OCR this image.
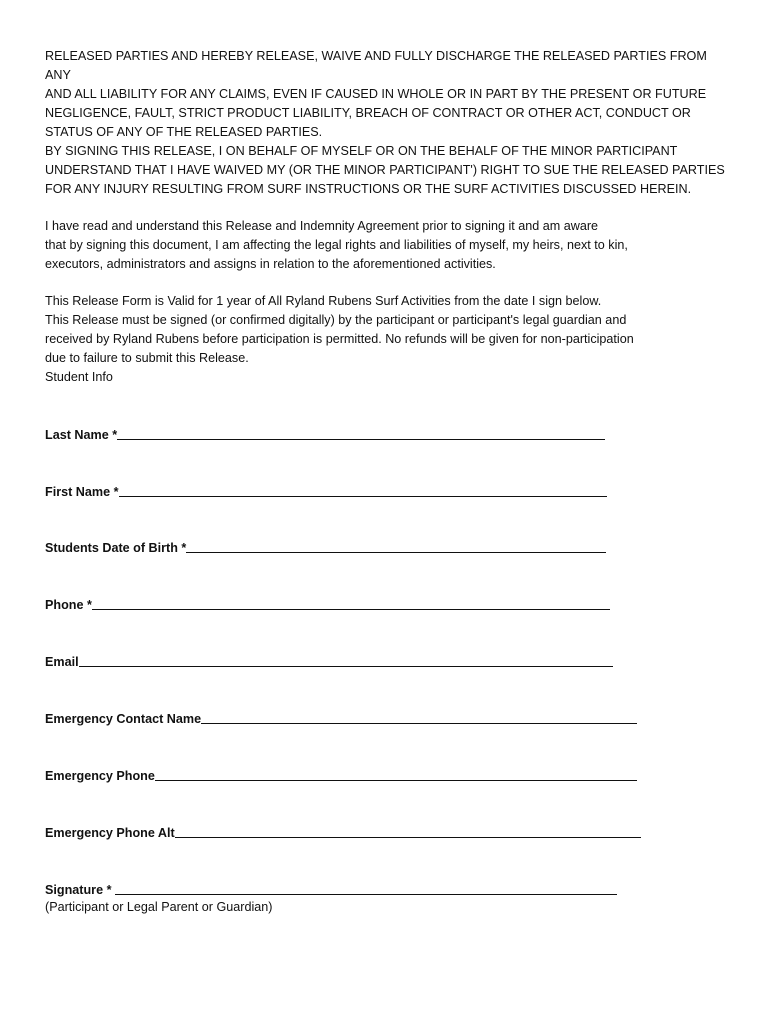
RELEASED PARTIES AND HEREBY RELEASE, WAIVE AND FULLY DISCHARGE THE RELEASED PARTIES FROM ANY
AND ALL LIABILITY FOR ANY CLAIMS, EVEN IF CAUSED IN WHOLE OR IN PART BY THE PRESENT OR FUTURE
NEGLIGENCE, FAULT, STRICT PRODUCT LIABILITY, BREACH OF CONTRACT OR OTHER ACT, CONDUCT OR
STATUS OF ANY OF THE RELEASED PARTIES.

BY SIGNING THIS RELEASE, I ON BEHALF OF MYSELF OR ON THE BEHALF OF THE MINOR PARTICIPANT
UNDERSTAND THAT I HAVE WAIVED MY (OR THE MINOR PARTICIPANT') RIGHT TO SUE THE RELEASED PARTIES
FOR ANY INJURY RESULTING FROM SURF INSTRUCTIONS OR THE SURF ACTIVITIES DISCUSSED HEREIN.

I have read and understand this Release and Indemnity Agreement prior to signing it and am aware
that by signing this document, I am affecting the legal rights and liabilities of myself, my heirs, next to kin,
executors, administrators and assigns in relation to the aforementioned activities.

This Release Form is Valid for 1 year of All Ryland Rubens Surf Activities from the date I sign below.
This Release must be signed (or confirmed digitally) by the participant or participant's legal guardian and
received by Ryland Rubens before participation is permitted. No refunds will be given for non-participation
due to failure to submit this Release.
Student Info

Last Name *
First Name *
Students Date of Birth *
Phone *
Email
Emergency Contact Name
Emergency Phone
Emergency Phone Alt
Signature *
(Participant or Legal Parent or Guardian)
